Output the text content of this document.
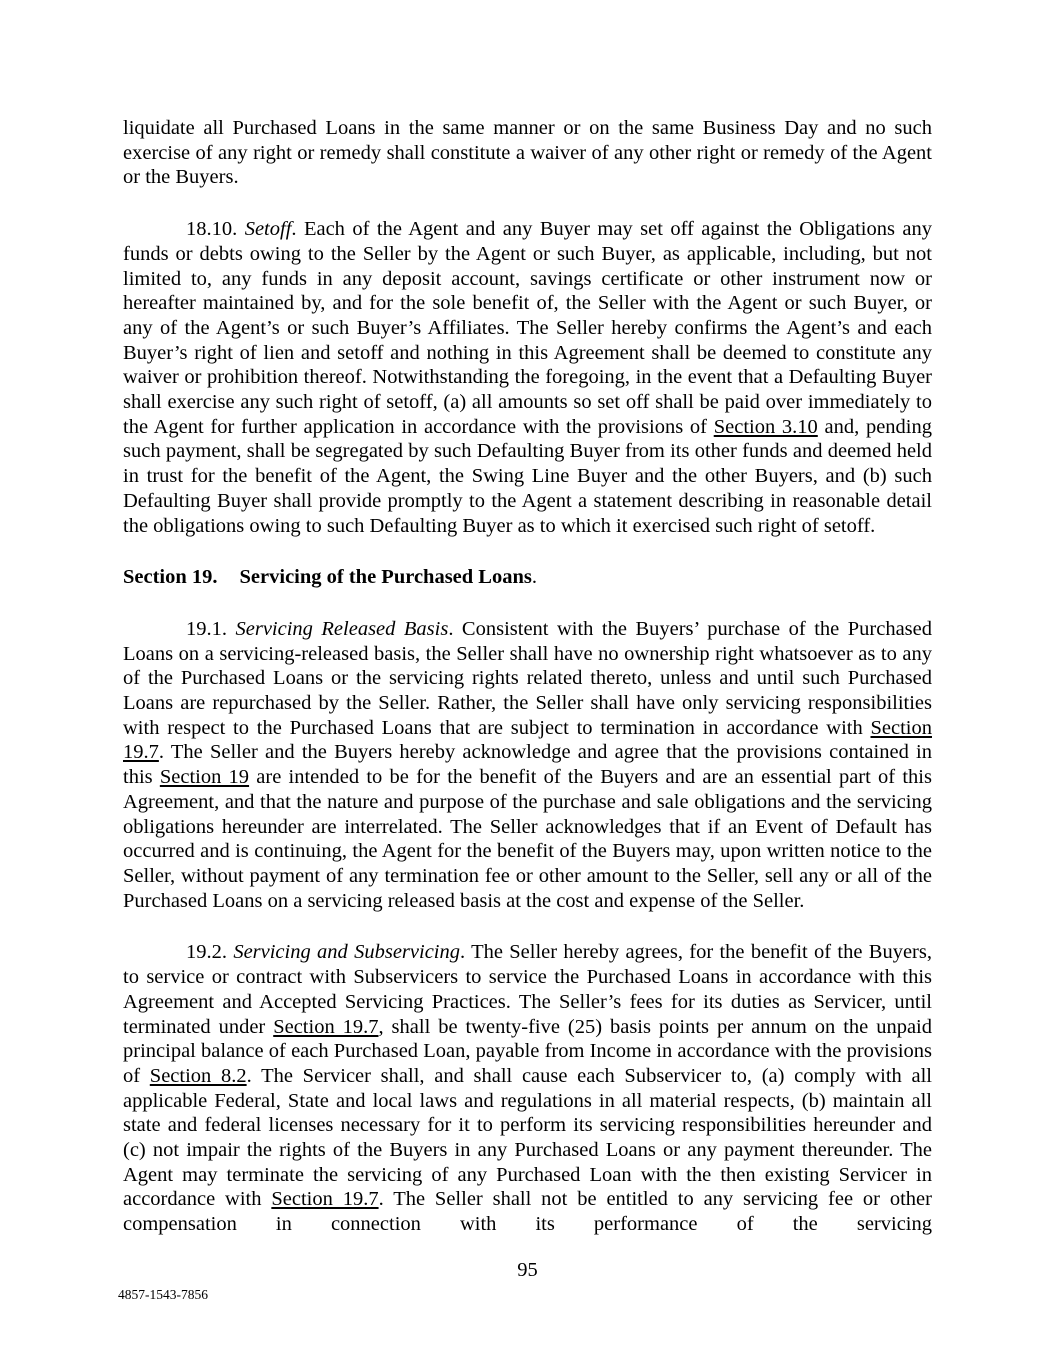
liquidate all Purchased Loans in the same manner or on the same Business Day and no such exercise of any right or remedy shall constitute a waiver of any other right or remedy of the Agent or the Buyers.

18.10. Setoff. Each of the Agent and any Buyer may set off against the Obligations any funds or debts owing to the Seller by the Agent or such Buyer, as applicable, including, but not limited to, any funds in any deposit account, savings certificate or other instrument now or hereafter maintained by, and for the sole benefit of, the Seller with the Agent or such Buyer, or any of the Agent’s or such Buyer’s Affiliates. The Seller hereby confirms the Agent’s and each Buyer’s right of lien and setoff and nothing in this Agreement shall be deemed to constitute any waiver or prohibition thereof. Notwithstanding the foregoing, in the event that a Defaulting Buyer shall exercise any such right of setoff, (a) all amounts so set off shall be paid over immediately to the Agent for further application in accordance with the provisions of Section 3.10 and, pending such payment, shall be segregated by such Defaulting Buyer from its other funds and deemed held in trust for the benefit of the Agent, the Swing Line Buyer and the other Buyers, and (b) such Defaulting Buyer shall provide promptly to the Agent a statement describing in reasonable detail the obligations owing to such Defaulting Buyer as to which it exercised such right of setoff.

Section 19. Servicing of the Purchased Loans.

19.1. Servicing Released Basis. Consistent with the Buyers’ purchase of the Purchased Loans on a servicing-released basis, the Seller shall have no ownership right whatsoever as to any of the Purchased Loans or the servicing rights related thereto, unless and until such Purchased Loans are repurchased by the Seller. Rather, the Seller shall have only servicing responsibilities with respect to the Purchased Loans that are subject to termination in accordance with Section 19.7. The Seller and the Buyers hereby acknowledge and agree that the provisions contained in this Section 19 are intended to be for the benefit of the Buyers and are an essential part of this Agreement, and that the nature and purpose of the purchase and sale obligations and the servicing obligations hereunder are interrelated. The Seller acknowledges that if an Event of Default has occurred and is continuing, the Agent for the benefit of the Buyers may, upon written notice to the Seller, without payment of any termination fee or other amount to the Seller, sell any or all of the Purchased Loans on a servicing released basis at the cost and expense of the Seller.

19.2. Servicing and Subservicing. The Seller hereby agrees, for the benefit of the Buyers, to service or contract with Subservicers to service the Purchased Loans in accordance with this Agreement and Accepted Servicing Practices. The Seller’s fees for its duties as Servicer, until terminated under Section 19.7, shall be twenty-five (25) basis points per annum on the unpaid principal balance of each Purchased Loan, payable from Income in accordance with the provisions of Section 8.2. The Servicer shall, and shall cause each Subservicer to, (a) comply with all applicable Federal, State and local laws and regulations in all material respects, (b) maintain all state and federal licenses necessary for it to perform its servicing responsibilities hereunder and (c) not impair the rights of the Buyers in any Purchased Loans or any payment thereunder. The Agent may terminate the servicing of any Purchased Loan with the then existing Servicer in accordance with Section 19.7. The Seller shall not be entitled to any servicing fee or other compensation in connection with its performance of the servicing

95
4857-1543-7856
